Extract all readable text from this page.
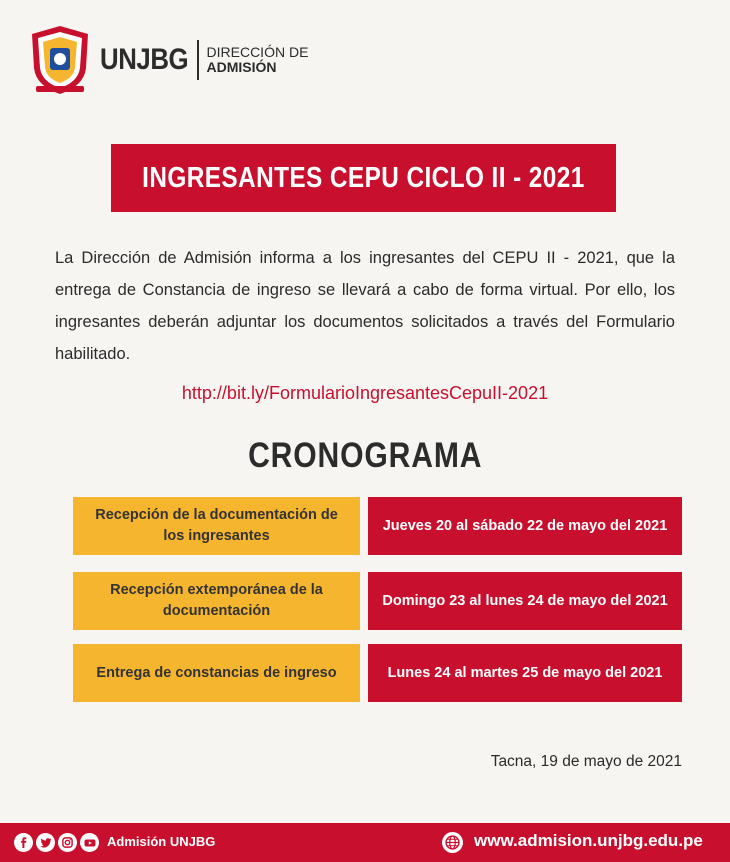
UNJBG DIRECCIÓN DE
ADMISIÓN
INGRESANTES CEPU CICLO II - 2021

La Dirección de Admisión informa a los ingresantes del CEPU II - 2021, que la entrega de Constancia de ingreso se llevará a cabo de forma virtual. Por ello, los ingresantes deberán adjuntar los documentos solicitados a través del Formulario habilitado.

http://bit.ly/FormularioIngresantesCepuII-2021
CRONOGRAMA
Recepción de la documentación de los ingresantes
Jueves 20 al sábado 22 de mayo del 2021
Recepción extemporánea de la documentación
Domingo 23 al lunes 24 de mayo del 2021
Entrega de constancias de ingreso	Lunes 24 al martes 25 de mayo del 2021
Tacna, 19 de mayo de 2021
Admisión UNJBG	www.admision.unjbg.edu.pe
